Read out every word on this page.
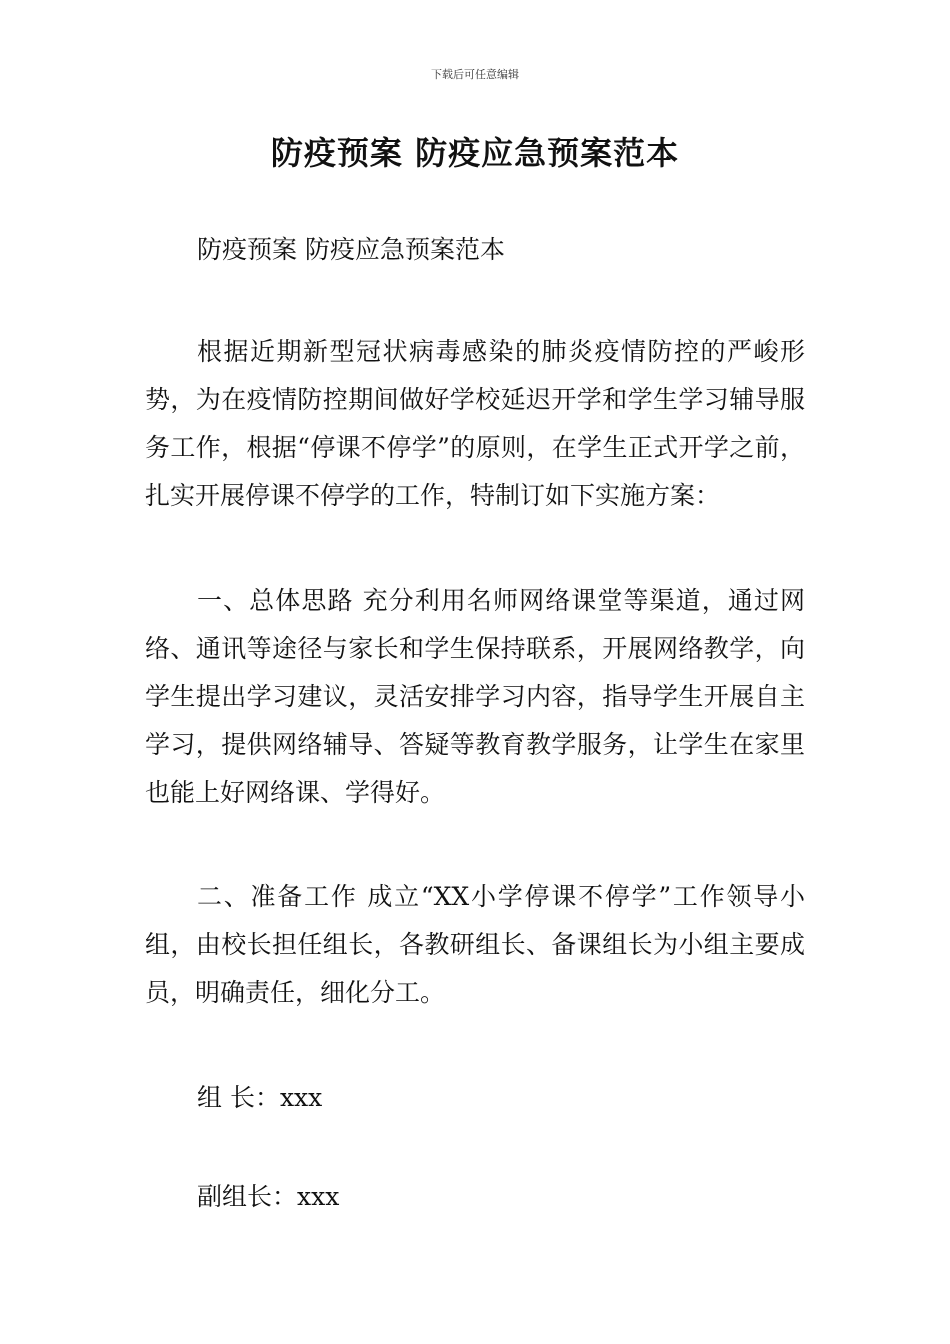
下载后可任意编辑
防疫预案 防疫应急预案范本

防疫预案 防疫应急预案范本

根据近期新型冠状病毒感染的肺炎疫情防控的严峻形势，为在疫情防控期间做好学校延迟开学和学生学习辅导服务工作，根据“停课不停学”的原则，在学生正式开学之前，扎实开展停课不停学的工作，特制订如下实施方案：

一、总体思路 充分利用名师网络课堂等渠道，通过网络、通讯等途径与家长和学生保持联系，开展网络教学，向学生提出学习建议，灵活安排学习内容，指导学生开展自主学习，提供网络辅导、答疑等教育教学服务，让学生在家里也能上好网络课、学得好。

二、准备工作 成立“XX小学停课不停学”工作领导小组，由校长担任组长，各教研组长、备课组长为小组主要成员，明确责任，细化分工。

组 长：xxx

副组长：xxx
